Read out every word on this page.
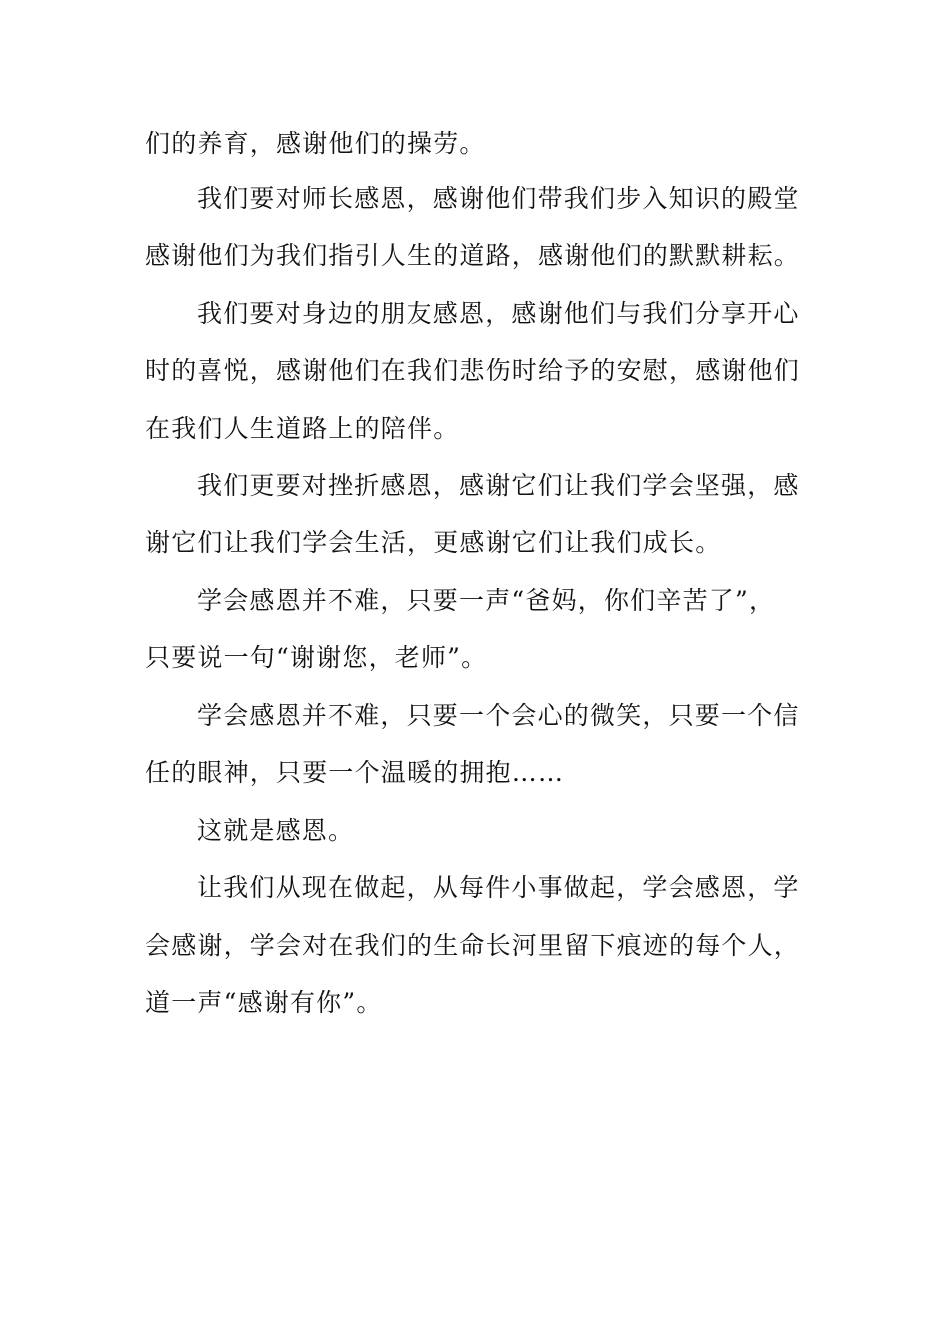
们的养育，感谢他们的操劳。
我们要对师长感恩，感谢他们带我们步入知识的殿堂
感谢他们为我们指引人生的道路，感谢他们的默默耕耘。
我们要对身边的朋友感恩，感谢他们与我们分享开心
时的喜悦，感谢他们在我们悲伤时给予的安慰，感谢他们
在我们人生道路上的陪伴。
我们更要对挫折感恩，感谢它们让我们学会坚强，感
谢它们让我们学会生活，更感谢它们让我们成长。
学会感恩并不难，只要一声“爸妈，你们辛苦了”，
只要说一句“谢谢您，老师”。
学会感恩并不难，只要一个会心的微笑，只要一个信
任的眼神，只要一个温暖的拥抱……
这就是感恩。
让我们从现在做起，从每件小事做起，学会感恩，学
会感谢，学会对在我们的生命长河里留下痕迹的每个人，
道一声“感谢有你”。
